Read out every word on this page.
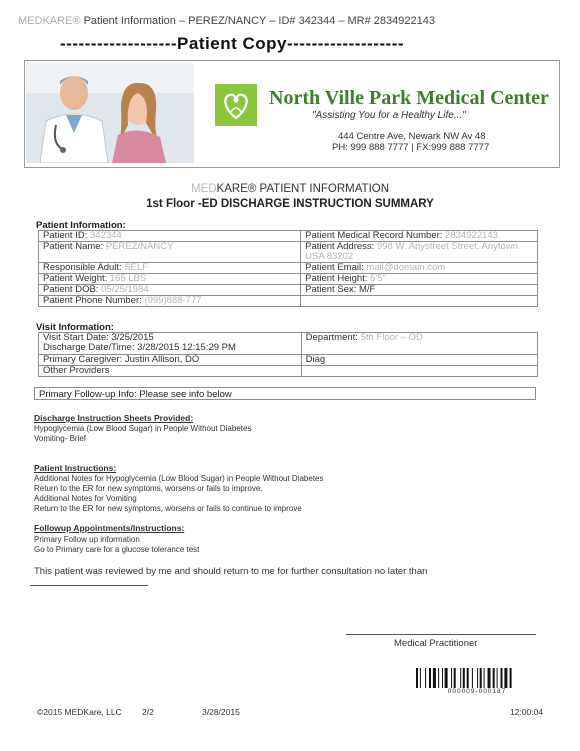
MEDKARE® Patient Information – PEREZ/NANCY – ID# 342344 – MR# 2834922143
-------------------Patient Copy-------------------
North Ville Park Medical Center
"Assisting You for a Healthy Life..."
444 Centre Ave, Newark NW Av 48
PH: 999 888 7777 | FX:999 888 7777
MEDKARE® PATIENT INFORMATION
1st Floor -ED DISCHARGE INSTRUCTION SUMMARY
Patient Information:
Patient ID: 342344	Patient Medical Record Number: 2834922143
Patient Name: PEREZ/NANCY	Patient Address: 998 W. Anystreet Street, Anytown
	USA 83202
Responsible Adult: SELF	Patient Email: mail@domain.com
Patient Weight: 165 LBS	Patient Height: 5'5"
Patient DOB: 05/25/1984	Patient Sex: M/F
Patient Phone Number: (999)888-777	
Visit Information:
Visit Start Date: 3/25/2015
Discharge Date/Time: 3/28/2015 12:15:29 PM	Department: 5th Floor – OD
Primary Caregiver: Justin Allison, DO	Diag
Other Providers	
Primary Follow-up Info: Please see info below
Discharge Instruction Sheets Provided:
Hypoglycemia (Low Blood Sugar) in People Without Diabetes
Vomiting- Brief
Patient Instructions:
Additional Notes for Hypoglycemia (Low Blood Sugar) in People Without Diabetes
Return to the ER for new symptoms, worsens or fails to improve.
Additional Notes for Vomiting
Return to the ER for new symptoms, worsens or fails to continue to improve
Followup Appointments/Instructions:
Primary Follow up information
Go to Primary care for a glucose tolerance test
This patient was reviewed by me and should return to me for further consultation no later than
Medical Practitioner
000009-000187
©2015 MEDKare, LLC 2/2	3/28/2015	12:00:04
